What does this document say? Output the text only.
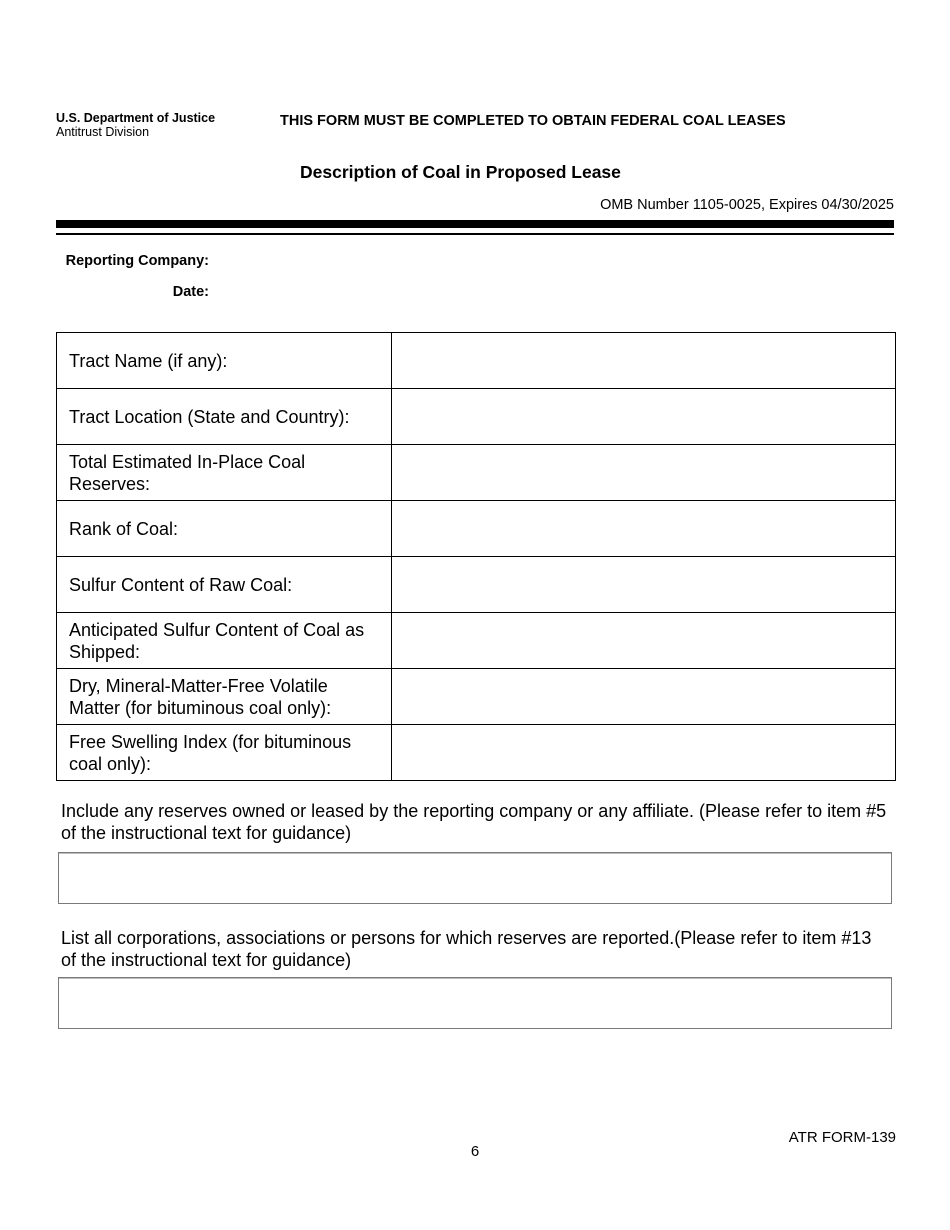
U.S. Department of Justice
Antitrust Division
THIS FORM MUST BE COMPLETED TO OBTAIN FEDERAL COAL LEASES
Description of Coal in Proposed Lease
OMB Number 1105-0025, Expires 04/30/2025
Reporting Company:
Date:
Tract Name (if any):	
Tract Location (State and Country):	
Total Estimated In-Place Coal Reserves:	
Rank of Coal:	
Sulfur Content of Raw Coal:	
Anticipated Sulfur Content of Coal as Shipped:	
Dry, Mineral-Matter-Free Volatile Matter (for bituminous coal only):	
Free Swelling Index (for bituminous coal only):	
Include any reserves owned or leased by the reporting company or any affiliate. (Please refer to item #5 of the instructional text for guidance)
List all corporations, associations or persons for which reserves are reported.(Please refer to item #13 of the instructional text for guidance)
ATR FORM-139
6
